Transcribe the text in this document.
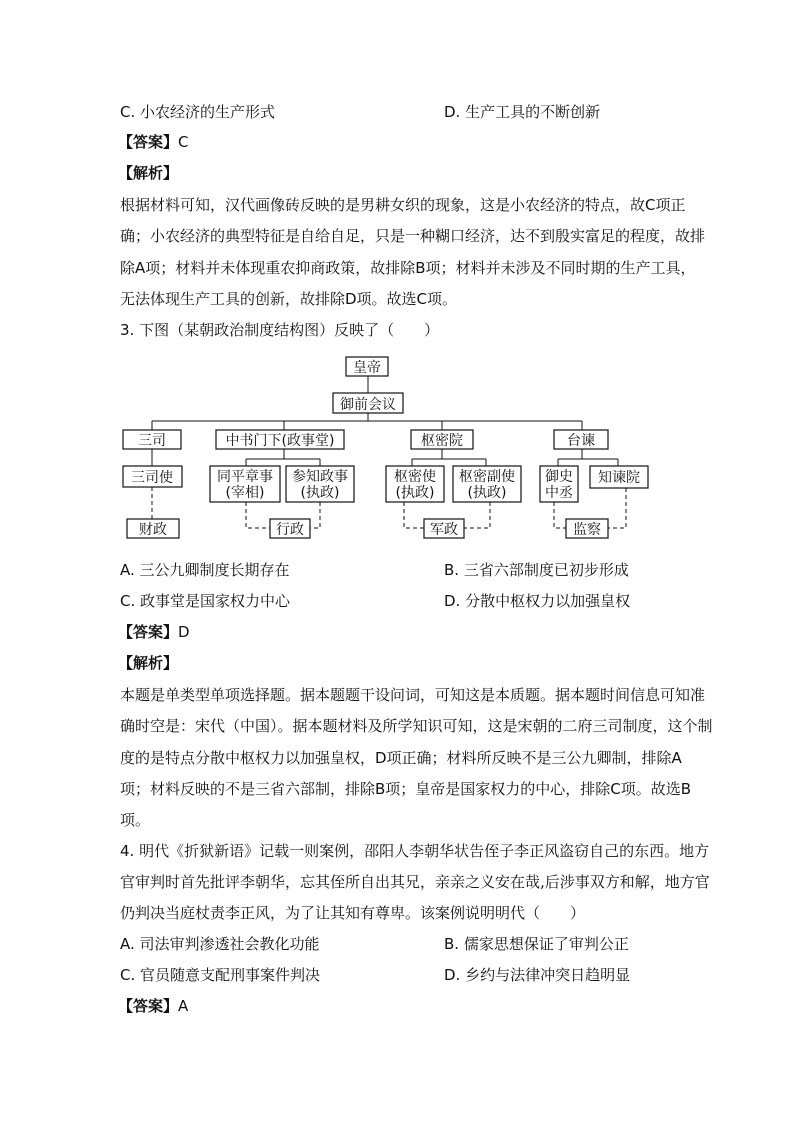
C. 小农经济的生产形式	D. 生产工具的不断创新
【答案】C
【解析】
根据材料可知，汉代画像砖反映的是男耕女织的现象，这是小农经济的特点，故C项正
确；小农经济的典型特征是自给自足，只是一种糊口经济，达不到殷实富足的程度，故排
除A项；材料并未体现重农抑商政策，故排除B项；材料并未涉及不同时期的生产工具，
无法体现生产工具的创新，故排除D项。故选C项。
3. 下图（某朝政治制度结构图）反映了（　　）
皇帝
御前会议
三司	中书门下(政事堂)	枢密院	台谏
三司使	同平章事
(宰相)
参知政事
(执政)
枢密使
(执政)
枢密副使
(执政)
御史
中丞
知谏院
财政	行政	军政	监察
A. 三公九卿制度长期存在	B. 三省六部制度已初步形成
C. 政事堂是国家权力中心	D. 分散中枢权力以加强皇权
【答案】D
【解析】
本题是单类型单项选择题。据本题题干设问词，可知这是本质题。据本题时间信息可知准
确时空是：宋代（中国）。据本题材料及所学知识可知，这是宋朝的二府三司制度，这个制
度的是特点分散中枢权力以加强皇权，D项正确；材料所反映不是三公九卿制，排除A
项；材料反映的不是三省六部制，排除B项；皇帝是国家权力的中心，排除C项。故选B
项。
4. 明代《折狱新语》记载一则案例，邵阳人李朝华状告侄子李正风盗窃自己的东西。地方
官审判时首先批评李朝华，忘其侄所自出其兄，亲亲之义安在哉,后涉事双方和解，地方官
仍判决当庭杖责李正风，为了让其知有尊卑。该案例说明明代（　　）
A. 司法审判渗透社会教化功能	B. 儒家思想保证了审判公正
C. 官员随意支配刑事案件判决	D. 乡约与法律冲突日趋明显
【答案】A
